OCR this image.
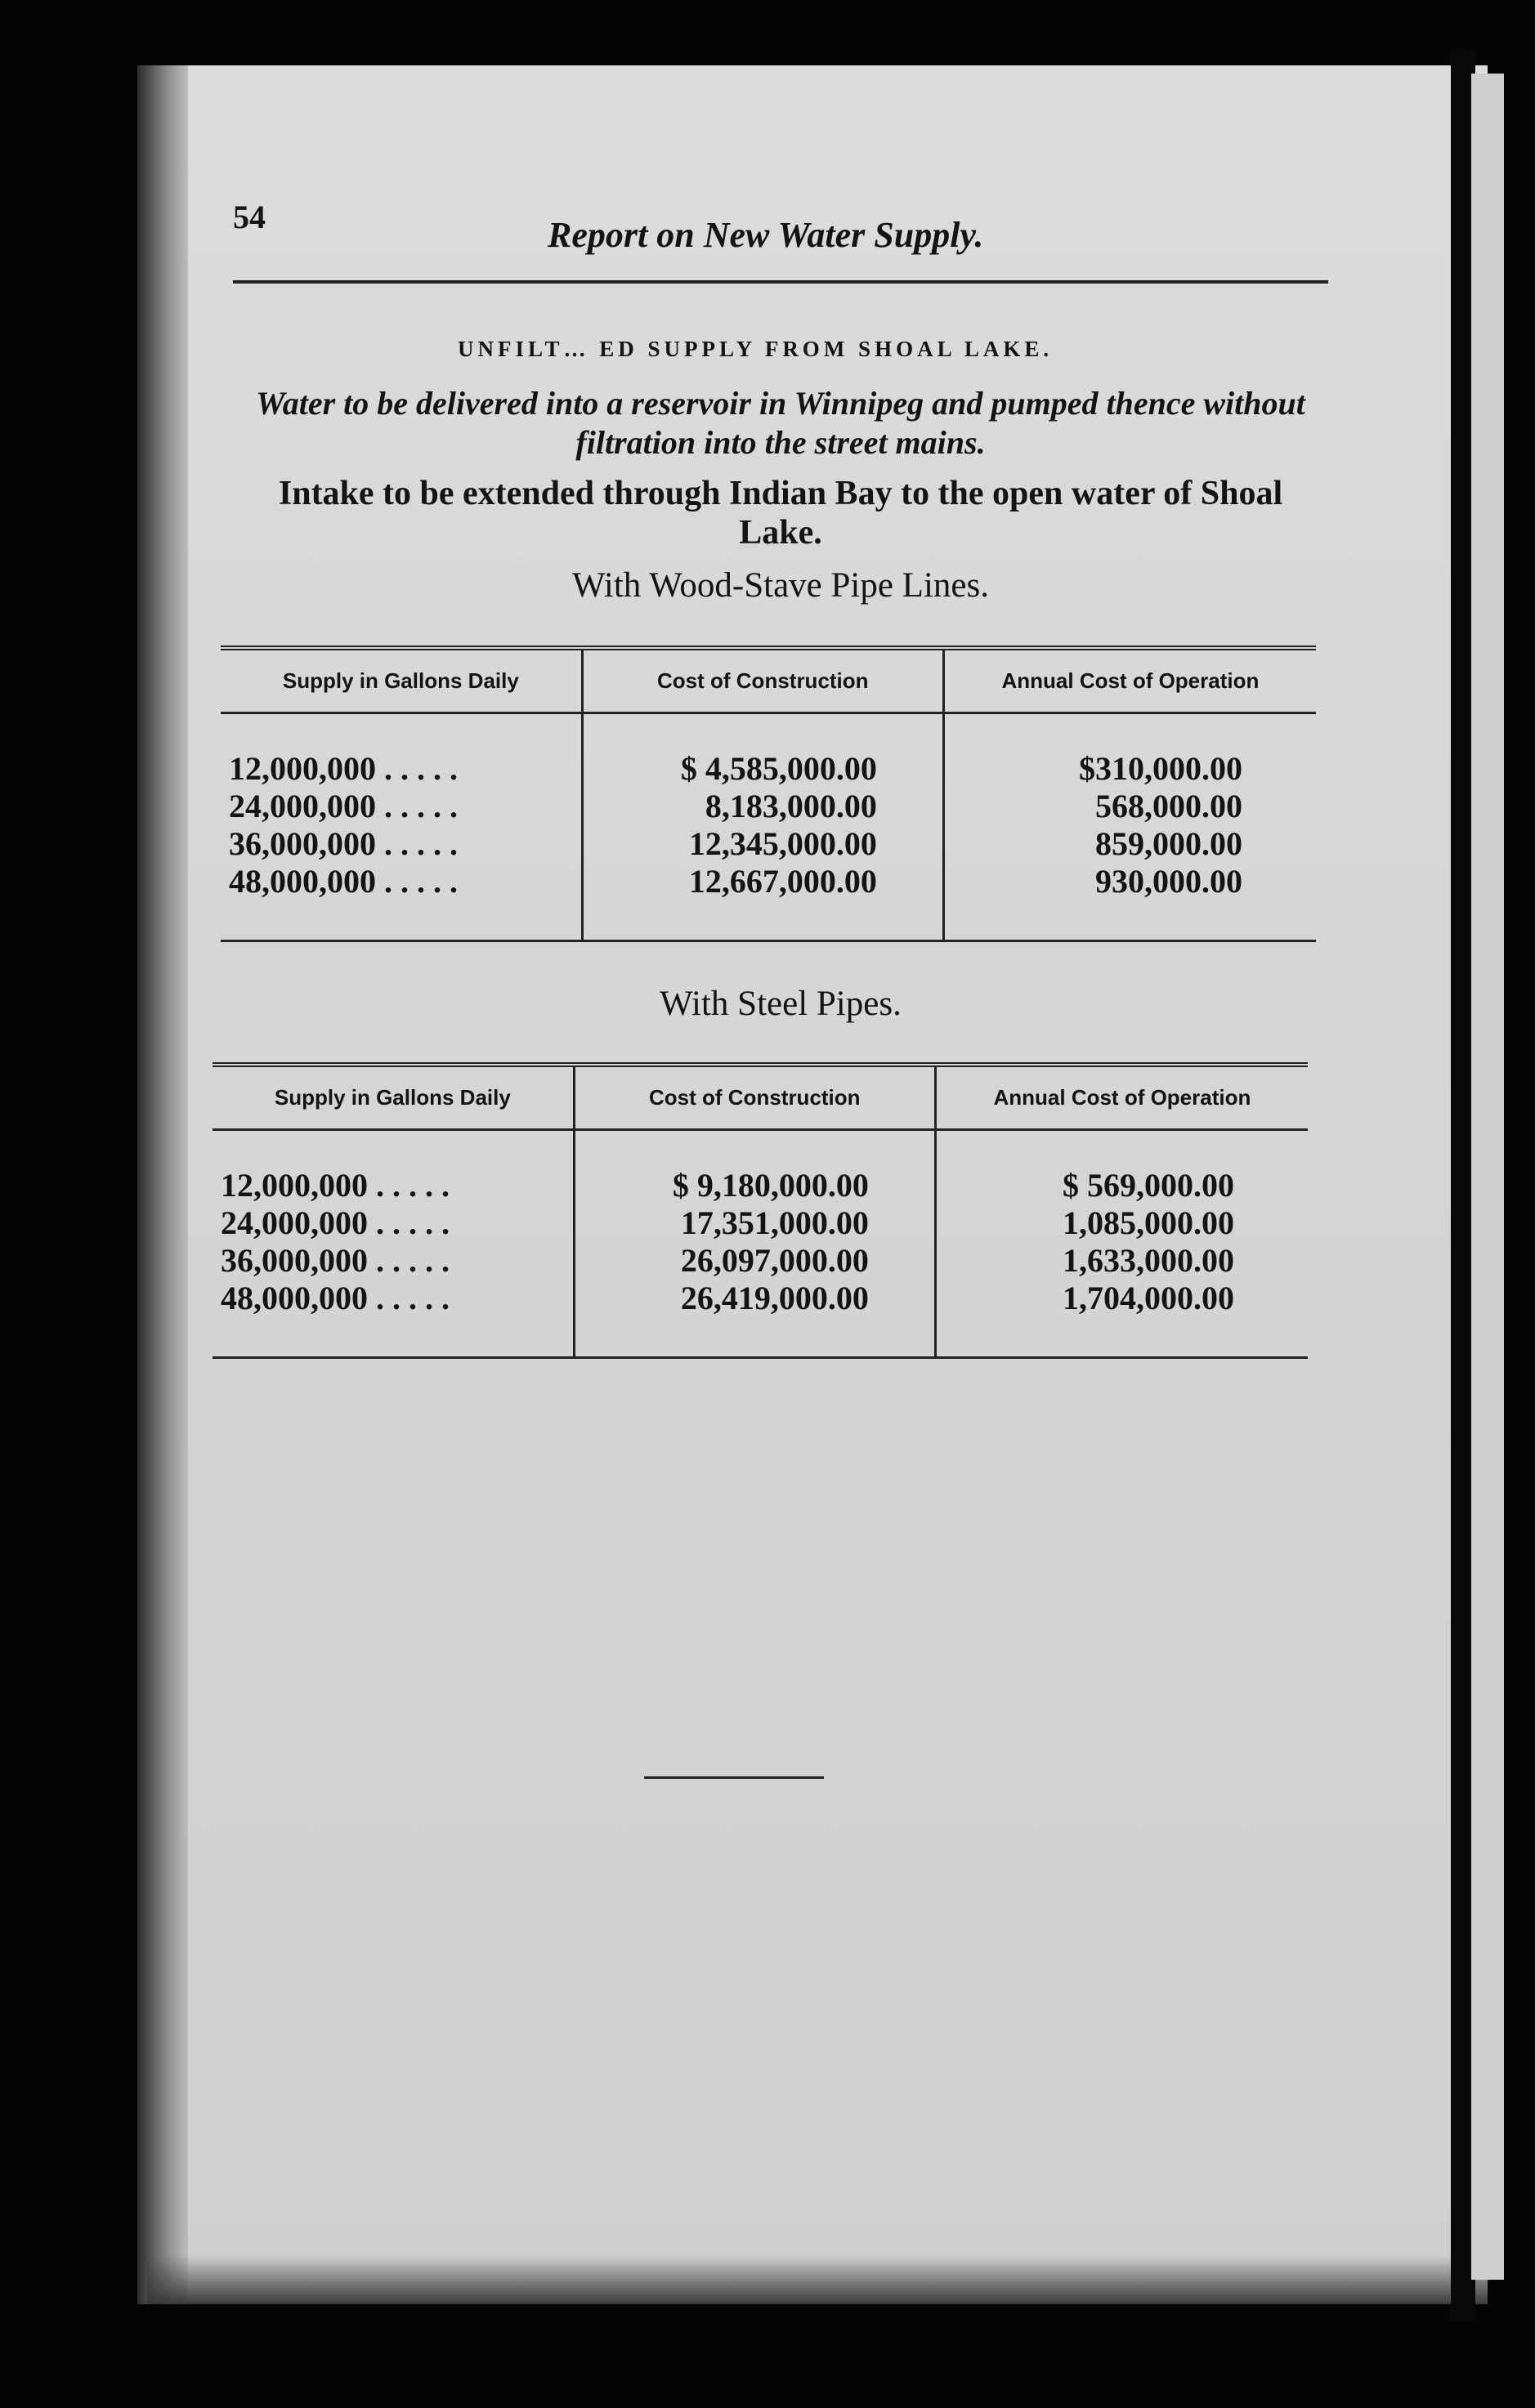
54	Report on New Water Supply.
UNFILT… ED SUPPLY FROM SHOAL LAKE.
Water to be delivered into a reservoir in Winnipeg and pumped thence without filtration into the street mains.
Intake to be extended through Indian Bay to the open water of Shoal Lake.
With Wood-Stave Pipe Lines.
Supply in Gallons Daily	Cost of Construction	Annual Cost of Operation
12,000,000 . . . . .	$ 4,585,000.00	$310,000.00
24,000,000 . . . . .	8,183,000.00	568,000.00
36,000,000 . . . . .	12,345,000.00	859,000.00
48,000,000 . . . . .	12,667,000.00	930,000.00
With Steel Pipes.
Supply in Gallons Daily	Cost of Construction	Annual Cost of Operation
12,000,000 . . . . .	$ 9,180,000.00	$ 569,000.00
24,000,000 . . . . .	17,351,000.00	1,085,000.00
36,000,000 . . . . .	26,097,000.00	1,633,000.00
48,000,000 . . . . .	26,419,000.00	1,704,000.00
